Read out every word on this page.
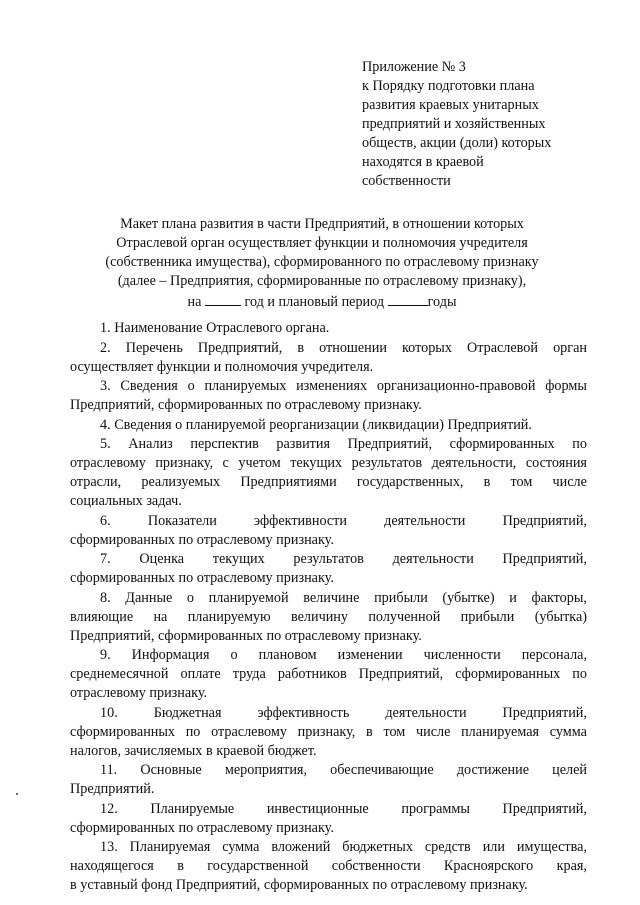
Приложение № 3
к Порядку подготовки плана
развития краевых унитарных
предприятий и хозяйственных
обществ, акции (доли) которых
находятся в краевой
собственности
Макет плана развития в части Предприятий, в отношении которых
Отраслевой орган осуществляет функции и полномочия учредителя
(собственника имущества), сформированного по отраслевому признаку
(далее – Предприятия, сформированные по отраслевому признаку),
на	год и плановый период	годы
1. Наименование Отраслевого органа.
2. Перечень Предприятий, в отношении которых Отраслевой орган
осуществляет функции и полномочия учредителя.
3. Сведения о планируемых изменениях организационно-правовой формы
Предприятий, сформированных по отраслевому признаку.
4. Сведения о планируемой реорганизации (ликвидации) Предприятий.
5. Анализ перспектив развития Предприятий, сформированных по
отраслевому признаку, с учетом текущих результатов деятельности, состояния
отрасли, реализуемых Предприятиями государственных, в том числе
социальных задач.
6.	Показатели	эффективности	деятельности	Предприятий,
сформированных по отраслевому признаку.
7. Оценка текущих результатов деятельности Предприятий,
сформированных по отраслевому признаку.
8. Данные о планируемой величине прибыли (убытке) и факторы,
влияющие на планируемую величину полученной прибыли (убытка)
Предприятий, сформированных по отраслевому признаку.
9. Информация о плановом изменении численности персонала,
среднемесячной оплате труда работников Предприятий, сформированных по
отраслевому признаку.
10.	Бюджетная	эффективность	деятельности	Предприятий,
сформированных по отраслевому признаку, в том числе планируемая сумма
налогов, зачисляемых в краевой бюджет.
11. Основные мероприятия, обеспечивающие достижение целей
Предприятий.
12. Планируемые инвестиционные программы Предприятий,
сформированных по отраслевому признаку.
13. Планируемая сумма вложений бюджетных средств или имущества,
находящегося в государственной собственности Красноярского края,
в уставный фонд Предприятий, сформированных по отраслевому признаку.
